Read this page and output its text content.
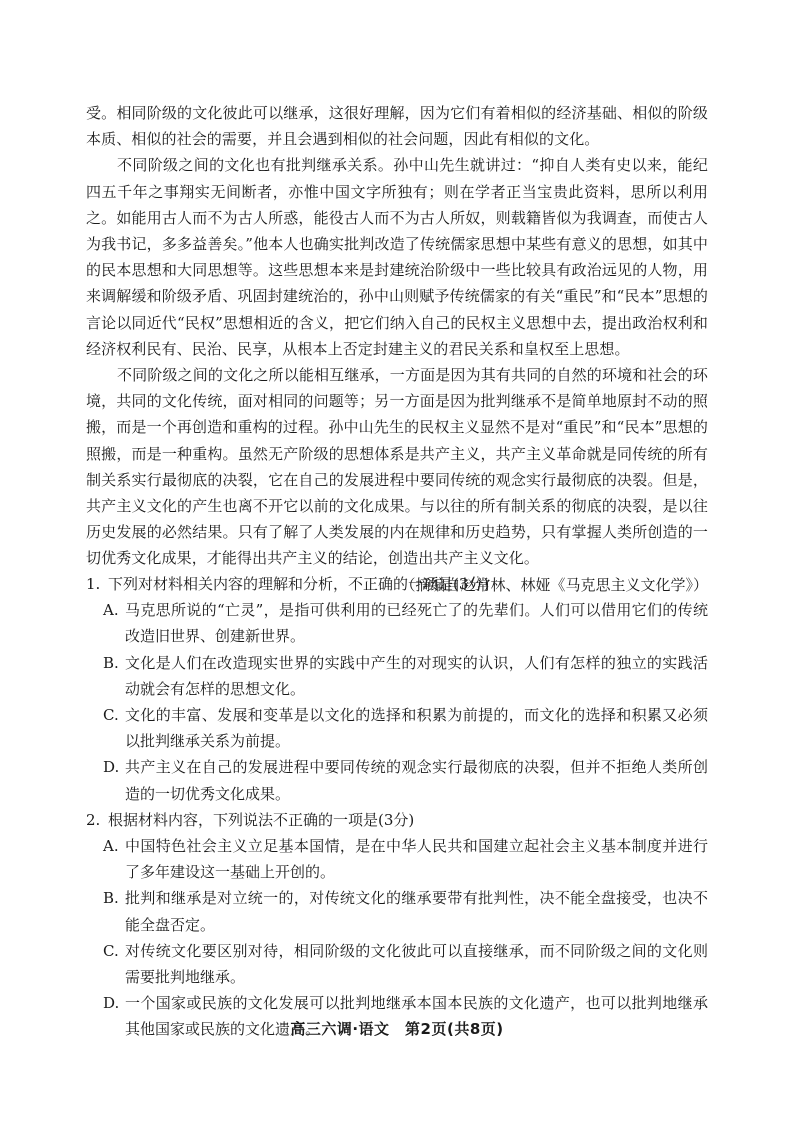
受。相同阶级的文化彼此可以继承，这很好理解，因为它们有着相似的经济基础、相似的阶级本质、相似的社会的需要，并且会遇到相似的社会问题，因此有相似的文化。

不同阶级之间的文化也有批判继承关系。孙中山先生就讲过：“抑自人类有史以来，能纪四五千年之事翔实无间断者，亦惟中国文字所独有；则在学者正当宝贵此资料，思所以利用之。如能用古人而不为古人所惑，能役古人而不为古人所奴，则载籍皆似为我调查，而使古人为我书记，多多益善矣。”他本人也确实批判改造了传统儒家思想中某些有意义的思想，如其中的民本思想和大同思想等。这些思想本来是封建统治阶级中一些比较具有政治远见的人物，用来调解缓和阶级矛盾、巩固封建统治的，孙中山则赋予传统儒家的有关“重民”和“民本”思想的言论以同近代“民权”思想相近的含义，把它们纳入自己的民权主义思想中去，提出政治权利和经济权利民有、民治、民享，从根本上否定封建主义的君民关系和皇权至上思想。

不同阶级之间的文化之所以能相互继承，一方面是因为其有共同的自然的环境和社会的环境，共同的文化传统，面对相同的问题等；另一方面是因为批判继承不是简单地原封不动的照搬，而是一个再创造和重构的过程。孙中山先生的民权主义显然不是对“重民”和“民本”思想的照搬，而是一种重构。虽然无产阶级的思想体系是共产主义，共产主义革命就是同传统的所有制关系实行最彻底的决裂，它在自己的发展进程中要同传统的观念实行最彻底的决裂。但是，共产主义文化的产生也离不开它以前的文化成果。与以往的所有制关系的彻底的决裂，是以往历史发展的必然结果。只有了解了人类发展的内在规律和历史趋势，只有掌握人类所创造的一切优秀文化成果，才能得出共产主义的结论，创造出共产主义文化。

（摘编自赵常林、林娅《马克思主义文化学》）

1. 下列对材料相关内容的理解和分析，不正确的一项是(3分)

A. 马克思所说的“亡灵”，是指可供利用的已经死亡了的先辈们。人们可以借用它们的传统改造旧世界、创建新世界。

B. 文化是人们在改造现实世界的实践中产生的对现实的认识，人们有怎样的独立的实践活动就会有怎样的思想文化。

C. 文化的丰富、发展和变革是以文化的选择和积累为前提的，而文化的选择和积累又必须以批判继承关系为前提。

D. 共产主义在自己的发展进程中要同传统的观念实行最彻底的决裂，但并不拒绝人类所创造的一切优秀文化成果。

2. 根据材料内容，下列说法不正确的一项是(3分)

A. 中国特色社会主义立足基本国情，是在中华人民共和国建立起社会主义基本制度并进行了多年建设这一基础上开创的。

B. 批判和继承是对立统一的，对传统文化的继承要带有批判性，决不能全盘接受，也决不能全盘否定。

C. 对传统文化要区别对待，相同阶级的文化彼此可以直接继承，而不同阶级之间的文化则需要批判地继承。

D. 一个国家或民族的文化发展可以批判地继承本国本民族的文化遗产，也可以批判地继承其他国家或民族的文化遗产。

高三六调·语文　第2页(共8页)
